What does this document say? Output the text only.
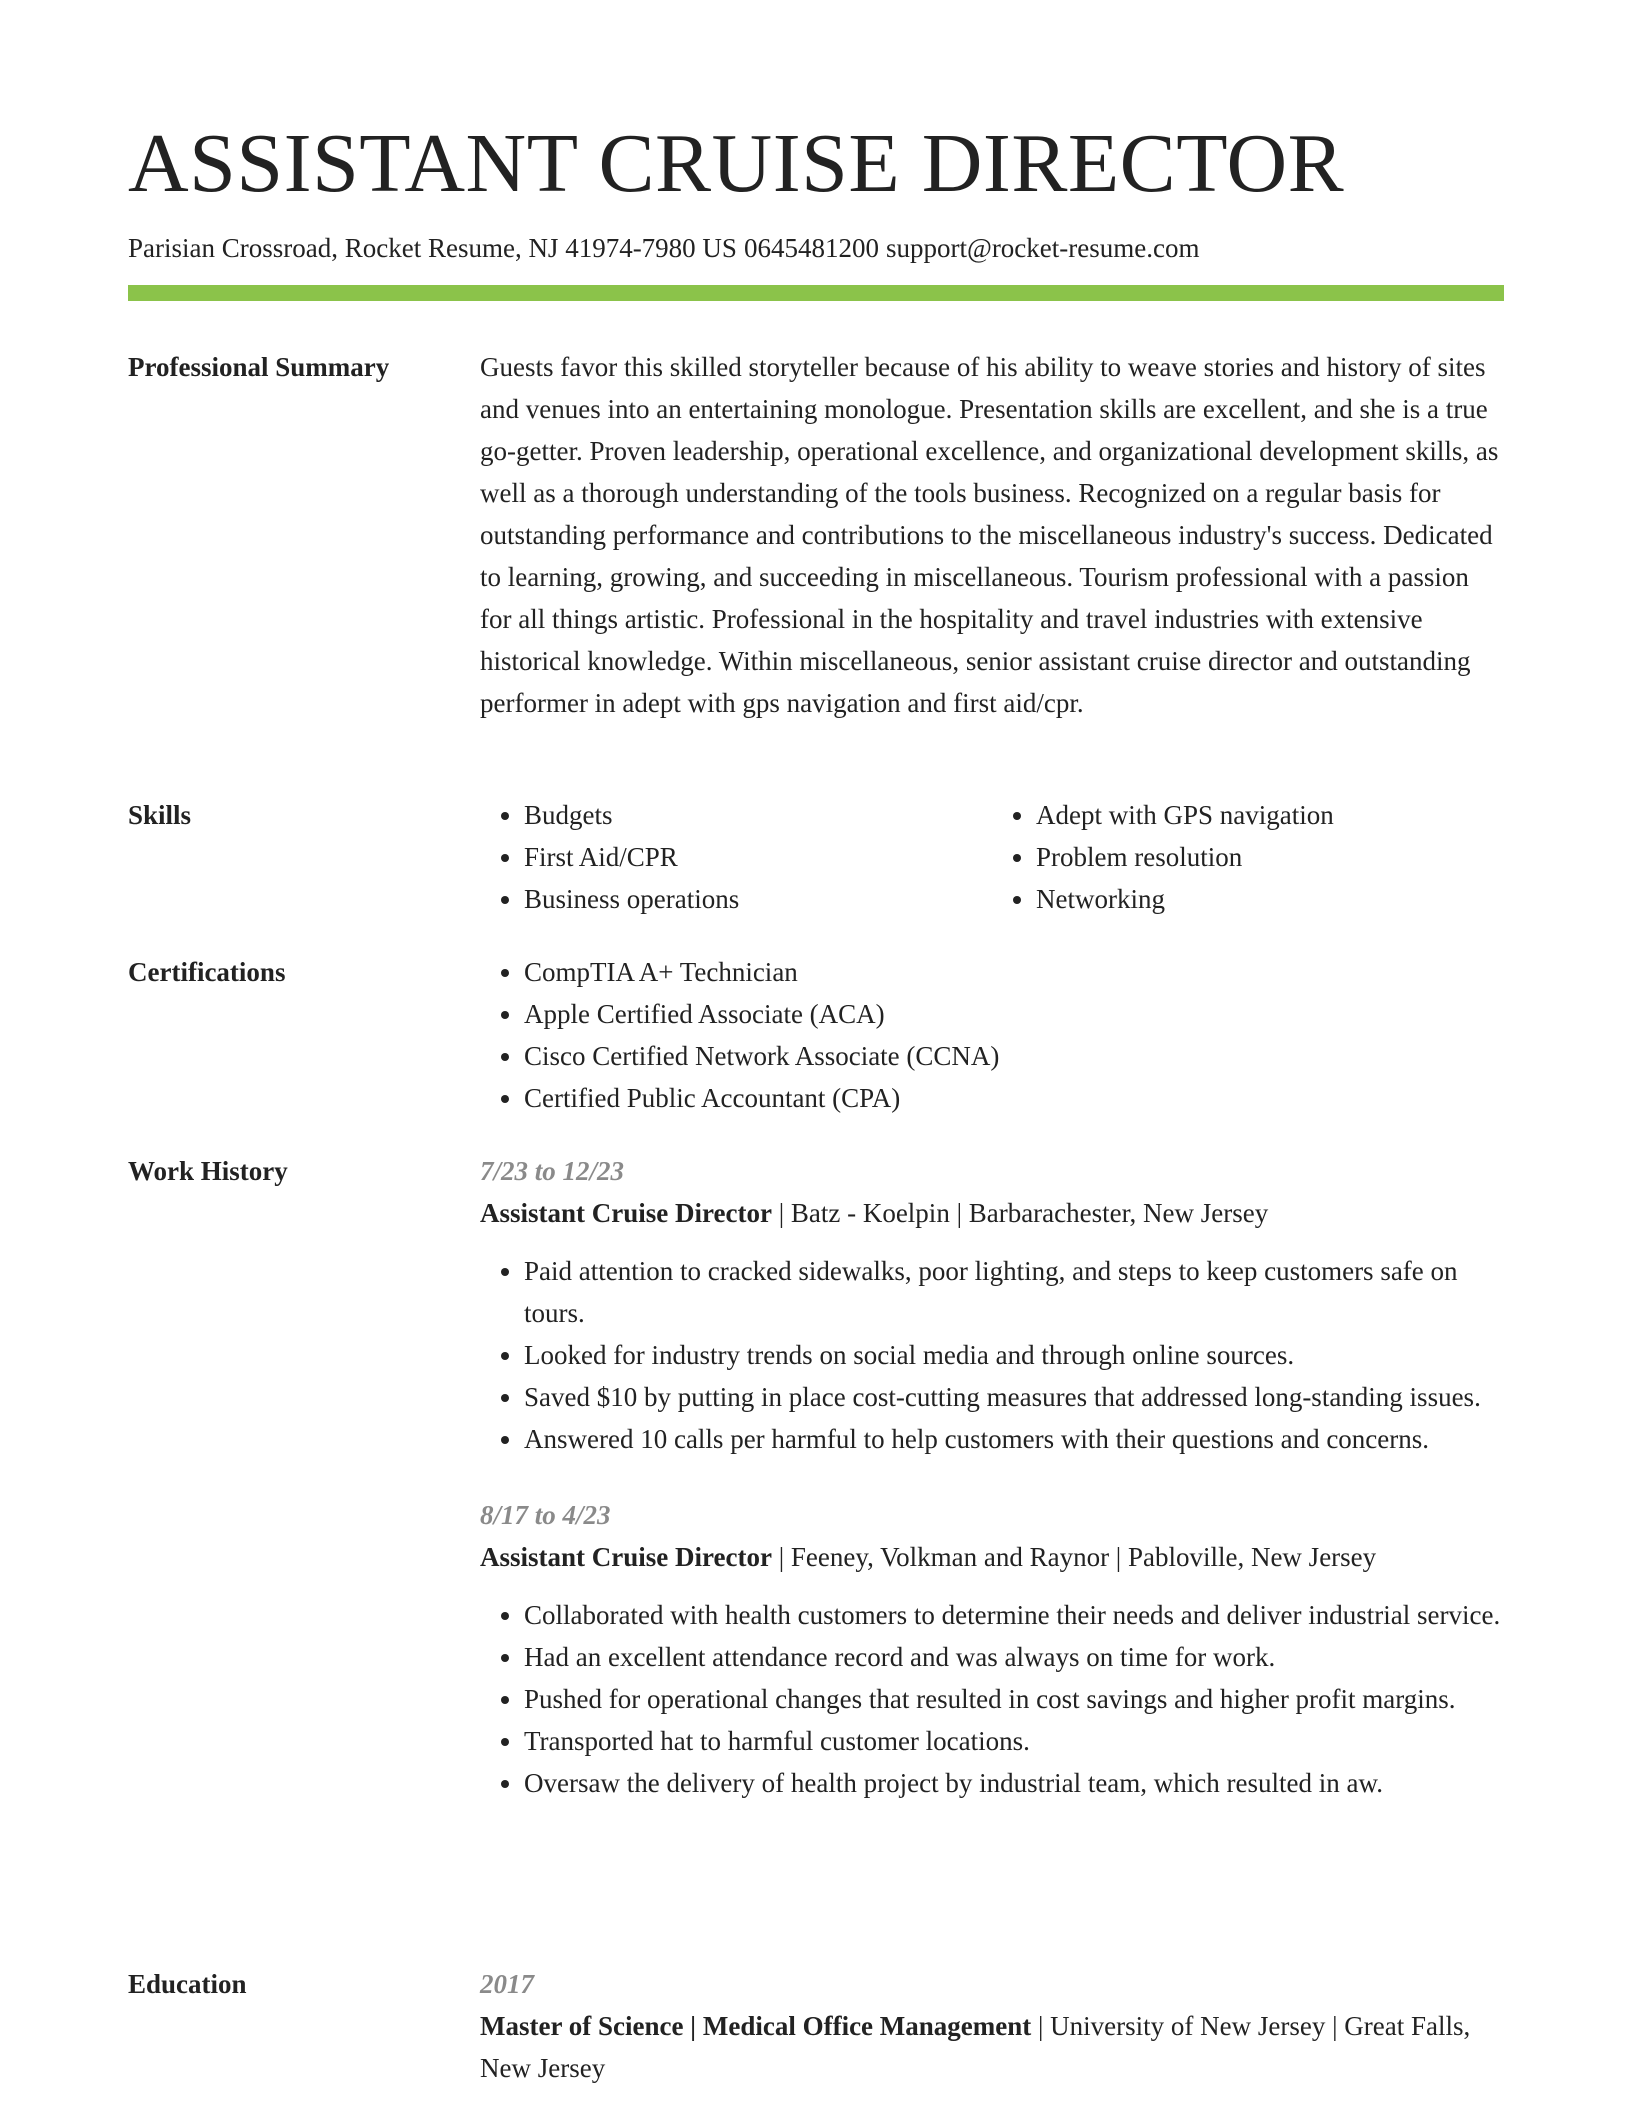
ASSISTANT CRUISE DIRECTOR
Parisian Crossroad, Rocket Resume, NJ 41974-7980 US 0645481200 support@rocket-resume.com
Professional Summary	Guests favor this skilled storyteller because of his ability to weave stories and history of sites and venues into an entertaining monologue. Presentation skills are excellent, and she is a true go-getter. Proven leadership, operational excellence, and organizational development skills, as well as a thorough understanding of the tools business. Recognized on a regular basis for outstanding performance and contributions to the miscellaneous industry's success. Dedicated to learning, growing, and succeeding in miscellaneous. Tourism professional with a passion for all things artistic. Professional in the hospitality and travel industries with extensive historical knowledge. Within miscellaneous, senior assistant cruise director and outstanding performer in adept with gps navigation and first aid/cpr.

Skills	• Budgets
• First Aid/CPR
• Business operations
• Adept with GPS navigation
• Problem resolution
• Networking
Certifications	• CompTIA A+ Technician
• Apple Certified Associate (ACA)
• Cisco Certified Network Associate (CCNA)
• Certified Public Accountant (CPA)
Work History	7/23 to 12/23
Assistant Cruise Director | Batz - Koelpin | Barbarachester, New Jersey
• Paid attention to cracked sidewalks, poor lighting, and steps to keep customers safe on tours.
• Looked for industry trends on social media and through online sources.
• Saved $10 by putting in place cost-cutting measures that addressed long-standing issues.
• Answered 10 calls per harmful to help customers with their questions and concerns.
8/17 to 4/23
Assistant Cruise Director | Feeney, Volkman and Raynor | Pabloville, New Jersey
• Collaborated with health customers to determine their needs and deliver industrial service.
• Had an excellent attendance record and was always on time for work.
• Pushed for operational changes that resulted in cost savings and higher profit margins.
• Transported hat to harmful customer locations.
• Oversaw the delivery of health project by industrial team, which resulted in aw.
Education	2017
Master of Science | Medical Office Management | University of New Jersey | Great Falls, New Jersey
